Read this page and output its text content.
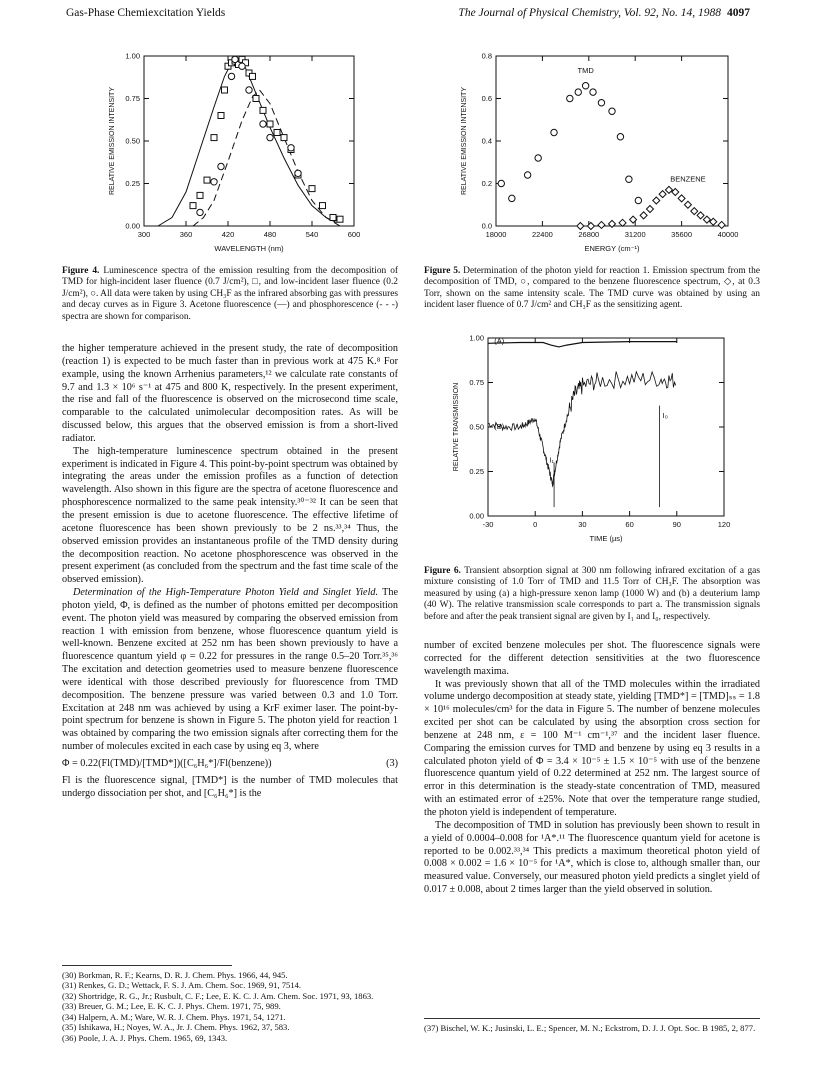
Gas-Phase Chemiexcitation Yields	The Journal of Physical Chemistry, Vol. 92, No. 14, 1988 4097
300	360	420	480	540	600
0.00
0.25
0.50
0.75
1.00
WAVELENGTH (nm)
RELATIVE EMISSION INTENSITY
Figure 4. Luminescence spectra of the emission resulting from the decomposition of TMD for high-incident laser fluence (0.7 J/cm²), □, and low-incident laser fluence (0.2 J/cm²), ○. All data were taken by using CH₃F as the infrared absorbing gas with pressures and decay curves as in Figure 3. Acetone fluorescence (—) and phosphorescence (- - -) spectra are shown for comparison.
18000	22400	26800	31200	35600	40000
0.0
0.2
0.4
0.6
0.8
ENERGY (cm⁻¹)
RELATIVE EMISSION INTENSITY
TMD
BENZENE
Figure 5. Determination of the photon yield for reaction 1. Emission spectrum from the decomposition of TMD, ○, compared to the benzene fluorescence spectrum, ◇, at 0.3 Torr, shown on the same intensity scale. The TMD curve was obtained by using an incident laser fluence of 0.7 J/cm² and CH₃F as the sensitizing agent.
-30	0	30	60	90	120
0.00
0.25
0.50
0.75
1.00
TIME (µs)
RELATIVE TRANSMISSION
(A)
(B)
I₁
I₀
Figure 6. Transient absorption signal at 300 nm following infrared excitation of a gas mixture consisting of 1.0 Torr of TMD and 11.5 Torr of CH₃F. The absorption was measured by using (a) a high-pressure xenon lamp (1000 W) and (b) a deuterium lamp (40 W). The relative transmission scale corresponds to part a. The transmission signals before and after the peak transient signal are given by I₁ and I₀, respectively.

the higher temperature achieved in the present study, the rate of decomposition (reaction 1) is expected to be much faster than in previous work at 475 K.⁸ For example, using the known Arrhenius parameters,¹² we calculate rate constants of 9.7 and 1.3 × 10⁶ s⁻¹ at 475 and 800 K, respectively. In the present experiment, the rise and fall of the fluorescence is observed on the microsecond time scale, comparable to the calculated unimolecular decomposition rates. As will be discussed below, this argues that the observed emission is from a short-lived radiator.

The high-temperature luminescence spectrum obtained in the present experiment is indicated in Figure 4. This point-by-point spectrum was obtained by integrating the areas under the emission profiles as a function of detection wavelength. Also shown in this figure are the spectra of acetone fluorescence and phosphorescence normalized to the same peak intensity.³⁰⁻³² It can be seen that the present emission is due to acetone fluorescence. The effective lifetime of acetone fluorescence has been shown previously to be 2 ns.³³,³⁴ Thus, the observed emission provides an instantaneous profile of the TMD density during the decomposition reaction. No acetone phosphorescence was observed in the present experiment (as concluded from the spectrum and the fast time scale of the observed emission).

Determination of the High-Temperature Photon Yield and Singlet Yield. The photon yield, Φ, is defined as the number of photons emitted per decomposition event. The photon yield was measured by comparing the observed emission from reaction 1 with emission from benzene, whose fluorescence quantum yield is well-known. Benzene excited at 252 nm has been shown previously to have a fluorescence quantum yield φ = 0.22 for pressures in the range 0.5–20 Torr.³⁵,³⁶ The excitation and detection geometries used to measure benzene fluorescence were identical with those described previously for fluorescence from TMD decomposition. The benzene pressure was varied between 0.3 and 1.0 Torr. Excitation at 248 nm was achieved by using a KrF eximer laser. The point-by-point spectrum for benzene is shown in Figure 5. The photon yield for reaction 1 was obtained by comparing the two emission signals after correcting them for the number of molecules excited in each case by using eq 3, where

Φ = 0.22(Fl(TMD)/[TMD*])([C₆H₆*]/Fl(benzene))	(3)

Fl is the fluorescence signal, [TMD*] is the number of TMD molecules that undergo dissociation per shot, and [C₆H₆*] is the

(30) Borkman, R. F.; Kearns, D. R. J. Chem. Phys. 1966, 44, 945.
(31) Renkes, G. D.; Wettack, F. S. J. Am. Chem. Soc. 1969, 91, 7514.
(32) Shortridge, R. G., Jr.; Rusbult, C. F.; Lee, E. K. C. J. Am. Chem. Soc. 1971, 93, 1863.
(33) Breuer, G. M.; Lee, E. K. C. J. Phys. Chem. 1971, 75, 989.
(34) Halpern, A. M.; Ware, W. R. J. Chem. Phys. 1971, 54, 1271.
(35) Ishikawa, H.; Noyes, W. A., Jr. J. Chem. Phys. 1962, 37, 583.
(36) Poole, J. A. J. Phys. Chem. 1965, 69, 1343.

number of excited benzene molecules per shot. The fluorescence signals were corrected for the different detection sensitivities at the two fluorescence wavelength maxima.

It was previously shown that all of the TMD molecules within the irradiated volume undergo decomposition at steady state, yielding [TMD*] = [TMD]ₛₛ = 1.8 × 10¹⁶ molecules/cm³ for the data in Figure 5. The number of benzene molecules excited per shot can be calculated by using the absorption cross section for benzene at 248 nm, ε = 100 M⁻¹ cm⁻¹,³⁷ and the incident laser fluence. Comparing the emission curves for TMD and benzene by using eq 3 results in a calculated photon yield of Φ = 3.4 × 10⁻⁵ ± 1.5 × 10⁻⁵ with use of the benzene fluorescence quantum yield of 0.22 determined at 252 nm. The largest source of error in this determination is the steady-state concentration of TMD, measured with an estimated error of ±25%. Note that over the temperature range studied, the photon yield is independent of temperature.

The decomposition of TMD in solution has previously been shown to result in a yield of 0.0004–0.008 for ¹A*.¹¹ The fluorescence quantum yield for acetone is reported to be 0.002.³³,³⁴ This predicts a maximum theoretical photon yield of 0.008 × 0.002 = 1.6 × 10⁻⁵ for ¹A*, which is close to, although smaller than, our measured value. Conversely, our measured photon yield predicts a singlet yield of 0.017 ± 0.008, about 2 times larger than the yield observed in solution.

(37) Bischel, W. K.; Jusinski, L. E.; Spencer, M. N.; Eckstrom, D. J. J. Opt. Soc. B 1985, 2, 877.
